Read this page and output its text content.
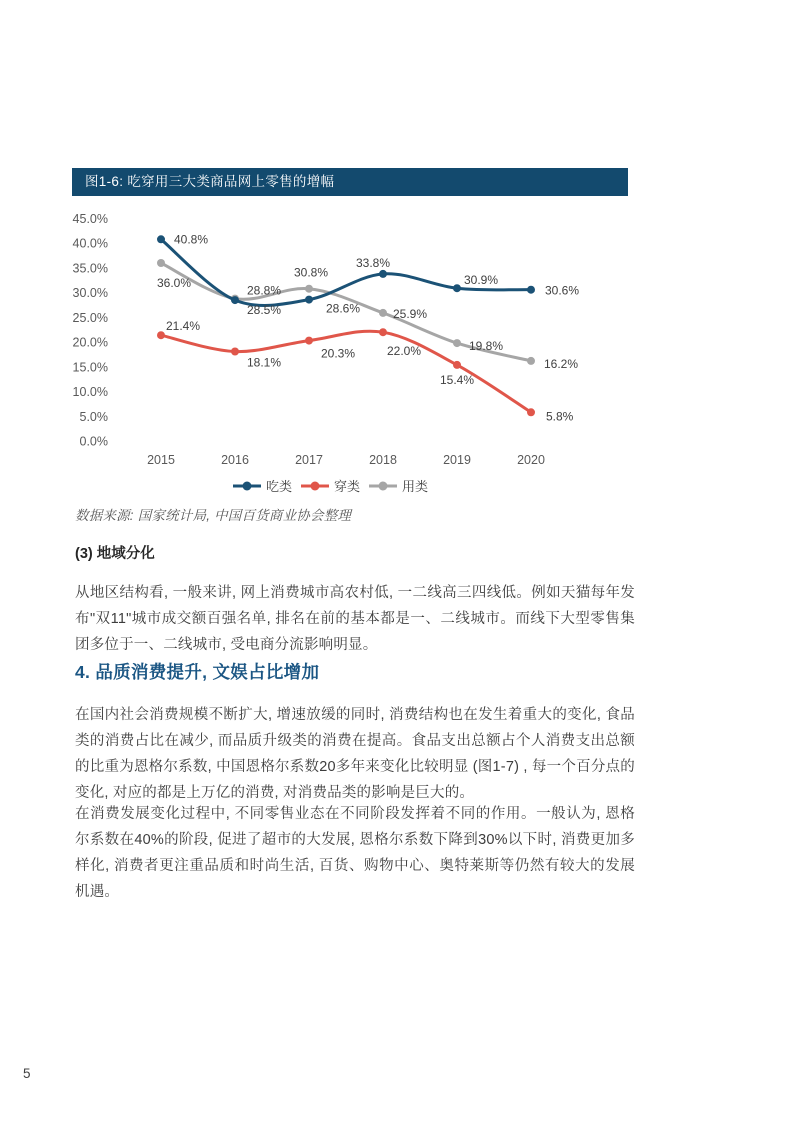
图1-6: 吃穿用三大类商品网上零售的增幅
45.0%
40.0%
35.0%
30.0%
25.0%
20.0%
15.0%
10.0%
5.0%
0.0%
2015	2016	2017	2018	2019	2020
40.8%
28.5%	28.6%
33.8%
30.9%
30.6%
21.4%
18.1%
20.3%	22.0%
15.4%
5.8%
36.0%
28.8%
30.8%
25.9%
19.8%
16.2%
吃类	穿类	用类
数据来源: 国家统计局, 中国百货商业协会整理
(3) 地域分化

从地区结构看, 一般来讲, 网上消费城市高农村低, 一二线高三四线低。例如天猫每年发布"双11"城市成交额百强名单, 排名在前的基本都是一、二线城市。而线下大型零售集团多位于一、二线城市, 受电商分流影响明显。

4. 品质消费提升, 文娱占比增加

在国内社会消费规模不断扩大, 增速放缓的同时, 消费结构也在发生着重大的变化, 食品类的消费占比在减少, 而品质升级类的消费在提高。食品支出总额占个人消费支出总额的比重为恩格尔系数, 中国恩格尔系数20多年来变化比较明显 (图1-7) , 每一个百分点的变化, 对应的都是上万亿的消费, 对消费品类的影响是巨大的。

在消费发展变化过程中, 不同零售业态在不同阶段发挥着不同的作用。一般认为, 恩格尔系数在40%的阶段, 促进了超市的大发展, 恩格尔系数下降到30%以下时, 消费更加多样化, 消费者更注重品质和时尚生活, 百货、购物中心、奥特莱斯等仍然有较大的发展机遇。

5
